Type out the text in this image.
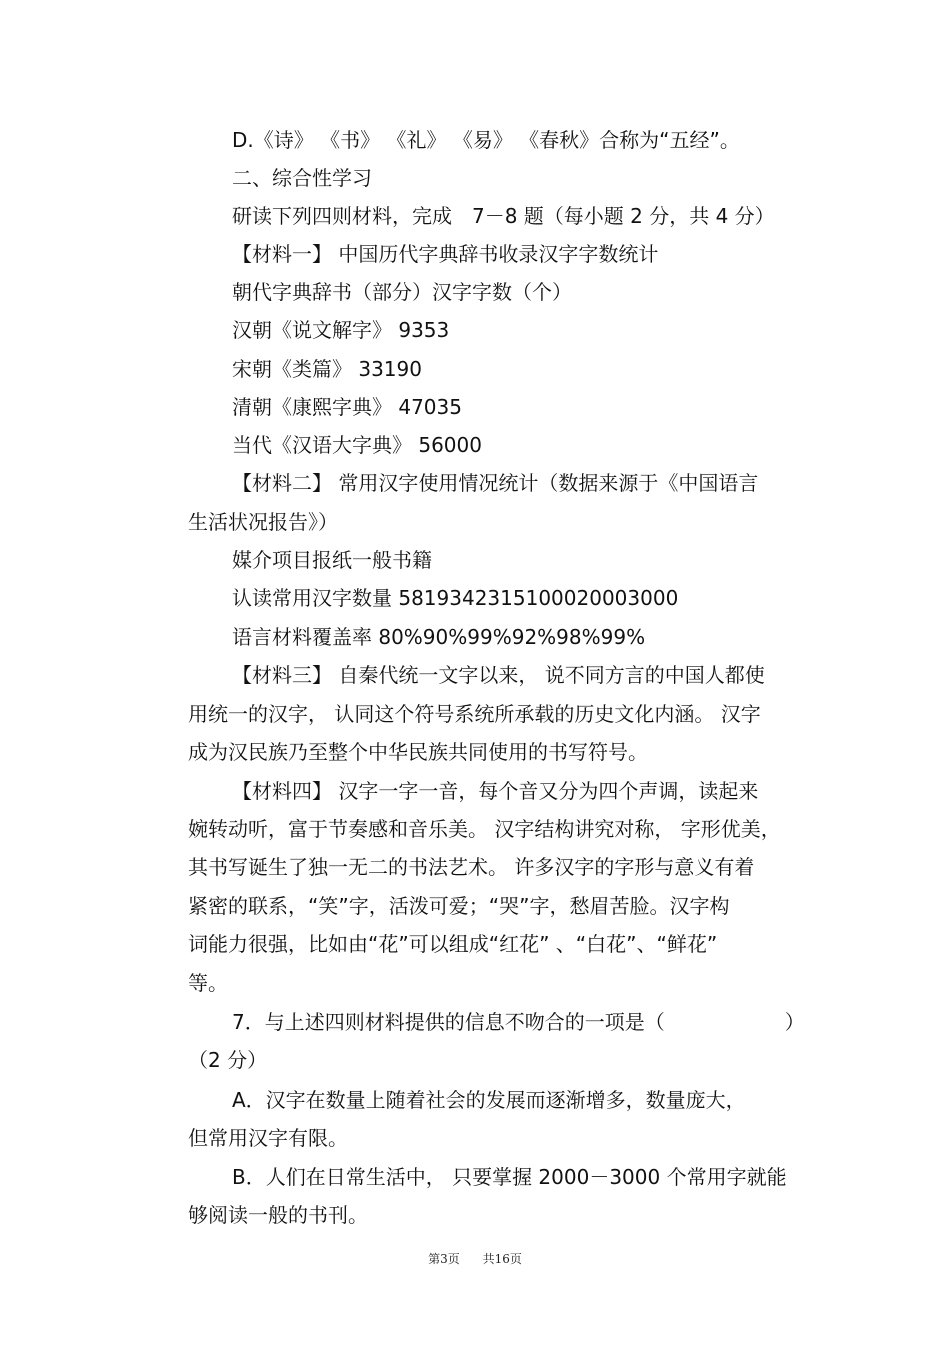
D.《诗》 《书》 《礼》 《易》 《春秋》合称为“五经”。
二、综合性学习
研读下列四则材料，完成　7－8 题（每小题 2 分，共 4 分）
【材料一】 中国历代字典辞书收录汉字字数统计
朝代字典辞书（部分）汉字字数（个）
汉朝《说文解字》 9353
宋朝《类篇》 33190
清朝《康熙字典》 47035
当代《汉语大字典》 56000
【材料二】 常用汉字使用情况统计（数据来源于《中国语言
生活状况报告》）
媒介项目报纸一般书籍
认读常用汉字数量 5819342315100020003000
语言材料覆盖率 80%90%99%92%98%99%
【材料三】 自秦代统一文字以来， 说不同方言的中国人都使
用统一的汉字， 认同这个符号系统所承载的历史文化内涵。 汉字
成为汉民族乃至整个中华民族共同使用的书写符号。
【材料四】 汉字一字一音，每个音又分为四个声调，读起来
婉转动听，富于节奏感和音乐美。 汉字结构讲究对称， 字形优美，
其书写诞生了独一无二的书法艺术。 许多汉字的字形与意义有着
紧密的联系，“笑”字，活泼可爱；“哭”字，愁眉苦脸。汉字构
词能力很强，比如由“花”可以组成“红花” 、“白花”、“鲜花”
等。
7．与上述四则材料提供的信息不吻合的一项是（　　　　　　）
（2 分）
A．汉字在数量上随着社会的发展而逐渐增多，数量庞大，
但常用汉字有限。
B．人们在日常生活中， 只要掌握 2000－3000 个常用字就能
够阅读一般的书刊。
第3页 共16页
